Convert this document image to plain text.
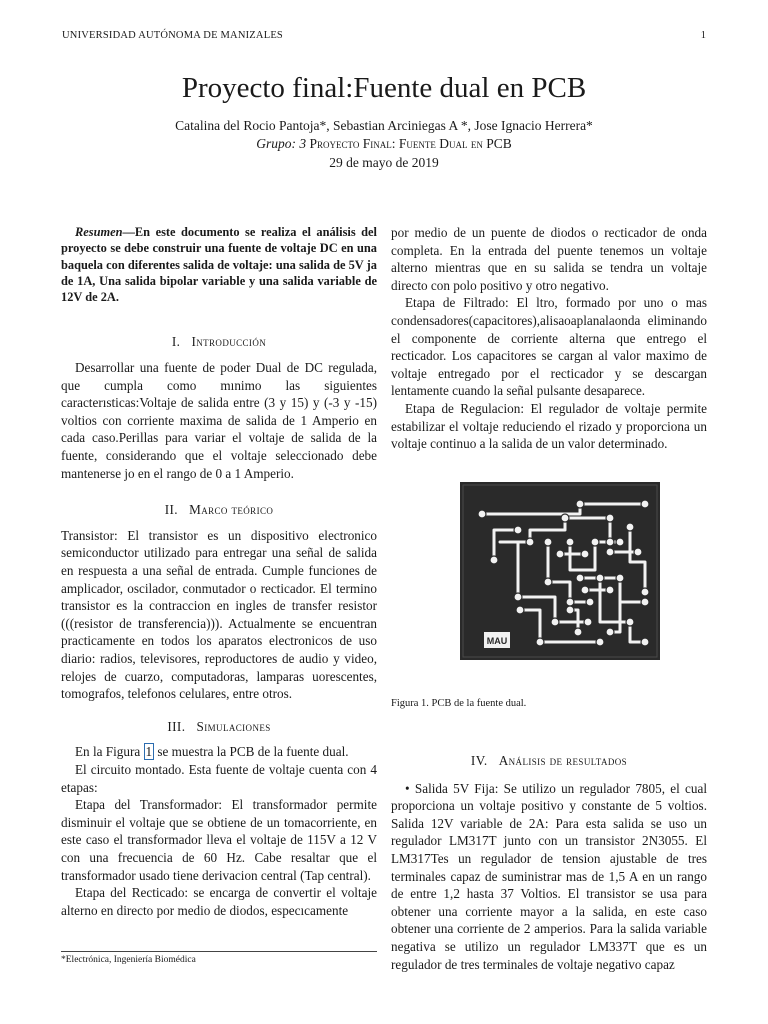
UNIVERSIDAD AUTÓNOMA DE MANIZALES	1
Proyecto final:Fuente dual en PCB
Catalina del Rocio Pantoja*, Sebastian Arciniegas A *, Jose Ignacio Herrera*
Grupo: 3 Proyecto Final: Fuente Dual en PCB
29 de mayo de 2019

Resumen—En este documento se realiza el análisis del proyecto se debe construir una fuente de voltaje DC en una baquela con diferentes salida de voltaje: una salida de 5V ja de 1A, Una salida bipolar variable y una salida variable de 12V de 2A.

I. Introducción

Desarrollar una fuente de poder Dual de DC regulada, que cumpla como mınimo las siguientes caracterısticas:Voltaje de salida entre (3 y 15) y (-3 y -15) voltios con corriente maxima de salida de 1 Amperio en cada caso.Perillas para variar el voltaje de salida de la fuente, considerando que el voltaje seleccionado debe mantenerse jo en el rango de 0 a 1 Amperio.

II. Marco teórico

Transistor: El transistor es un dispositivo electronico semiconductor utilizado para entregar una señal de salida en respuesta a una señal de entrada. Cumple funciones de amplicador, oscilador, conmutador o recticador. El termino transistor es la contraccion en ingles de transfer resistor (((resistor de transferencia))). Actualmente se encuentran practicamente en todos los aparatos electronicos de uso diario: radios, televisores, reproductores de audio y video, relojes de cuarzo, computadoras, lamparas uorescentes, tomografos, telefonos celulares, entre otros.

III. Simulaciones

En la Figura 1 se muestra la PCB de la fuente dual.

El circuito montado. Esta fuente de voltaje cuenta con 4 etapas:

Etapa del Transformador: El transformador permite disminuir el voltaje que se obtiene de un tomacorriente, en este caso el transformador lleva el voltaje de 115V a 12 V con una frecuencia de 60 Hz. Cabe resaltar que el transformador usado tiene derivacion central (Tap central).

Etapa del Recticado: se encarga de convertir el voltaje alterno en directo por medio de diodos, especıcamente

*Electrónica, Ingeniería Biomédica

por medio de un puente de diodos o recticador de onda completa. En la entrada del puente tenemos un voltaje alterno mientras que en su salida se tendra un voltaje directo con polo positivo y otro negativo.

Etapa de Filtrado: El ltro, formado por uno o mas condensadores(capacitores),alisaoaplanalaonda eliminando el componente de corriente alterna que entrego el recticador. Los capacitores se cargan al valor maximo de voltaje entregado por el recticador y se descargan lentamente cuando la señal pulsante desaparece.

Etapa de Regulacion: El regulador de voltaje permite estabilizar el voltaje reduciendo el rizado y proporciona un voltaje continuo a la salida de un valor determinado.

MAU
Figura 1. PCB de la fuente dual.
IV. Análisis de resultados

• Salida 5V Fija: Se utilizo un regulador 7805, el cual proporciona un voltaje positivo y constante de 5 voltios. Salida 12V variable de 2A: Para esta salida se uso un regulador LM317T junto con un transistor 2N3055. El LM317Tes un regulador de tension ajustable de tres terminales capaz de suministrar mas de 1,5 A en un rango de entre 1,2 hasta 37 Voltios. El transistor se usa para obtener una corriente mayor a la salida, en este caso obtener una corriente de 2 amperios. Para la salida variable negativa se utilizo un regulador LM337T que es un regulador de tres terminales de voltaje negativo capaz
